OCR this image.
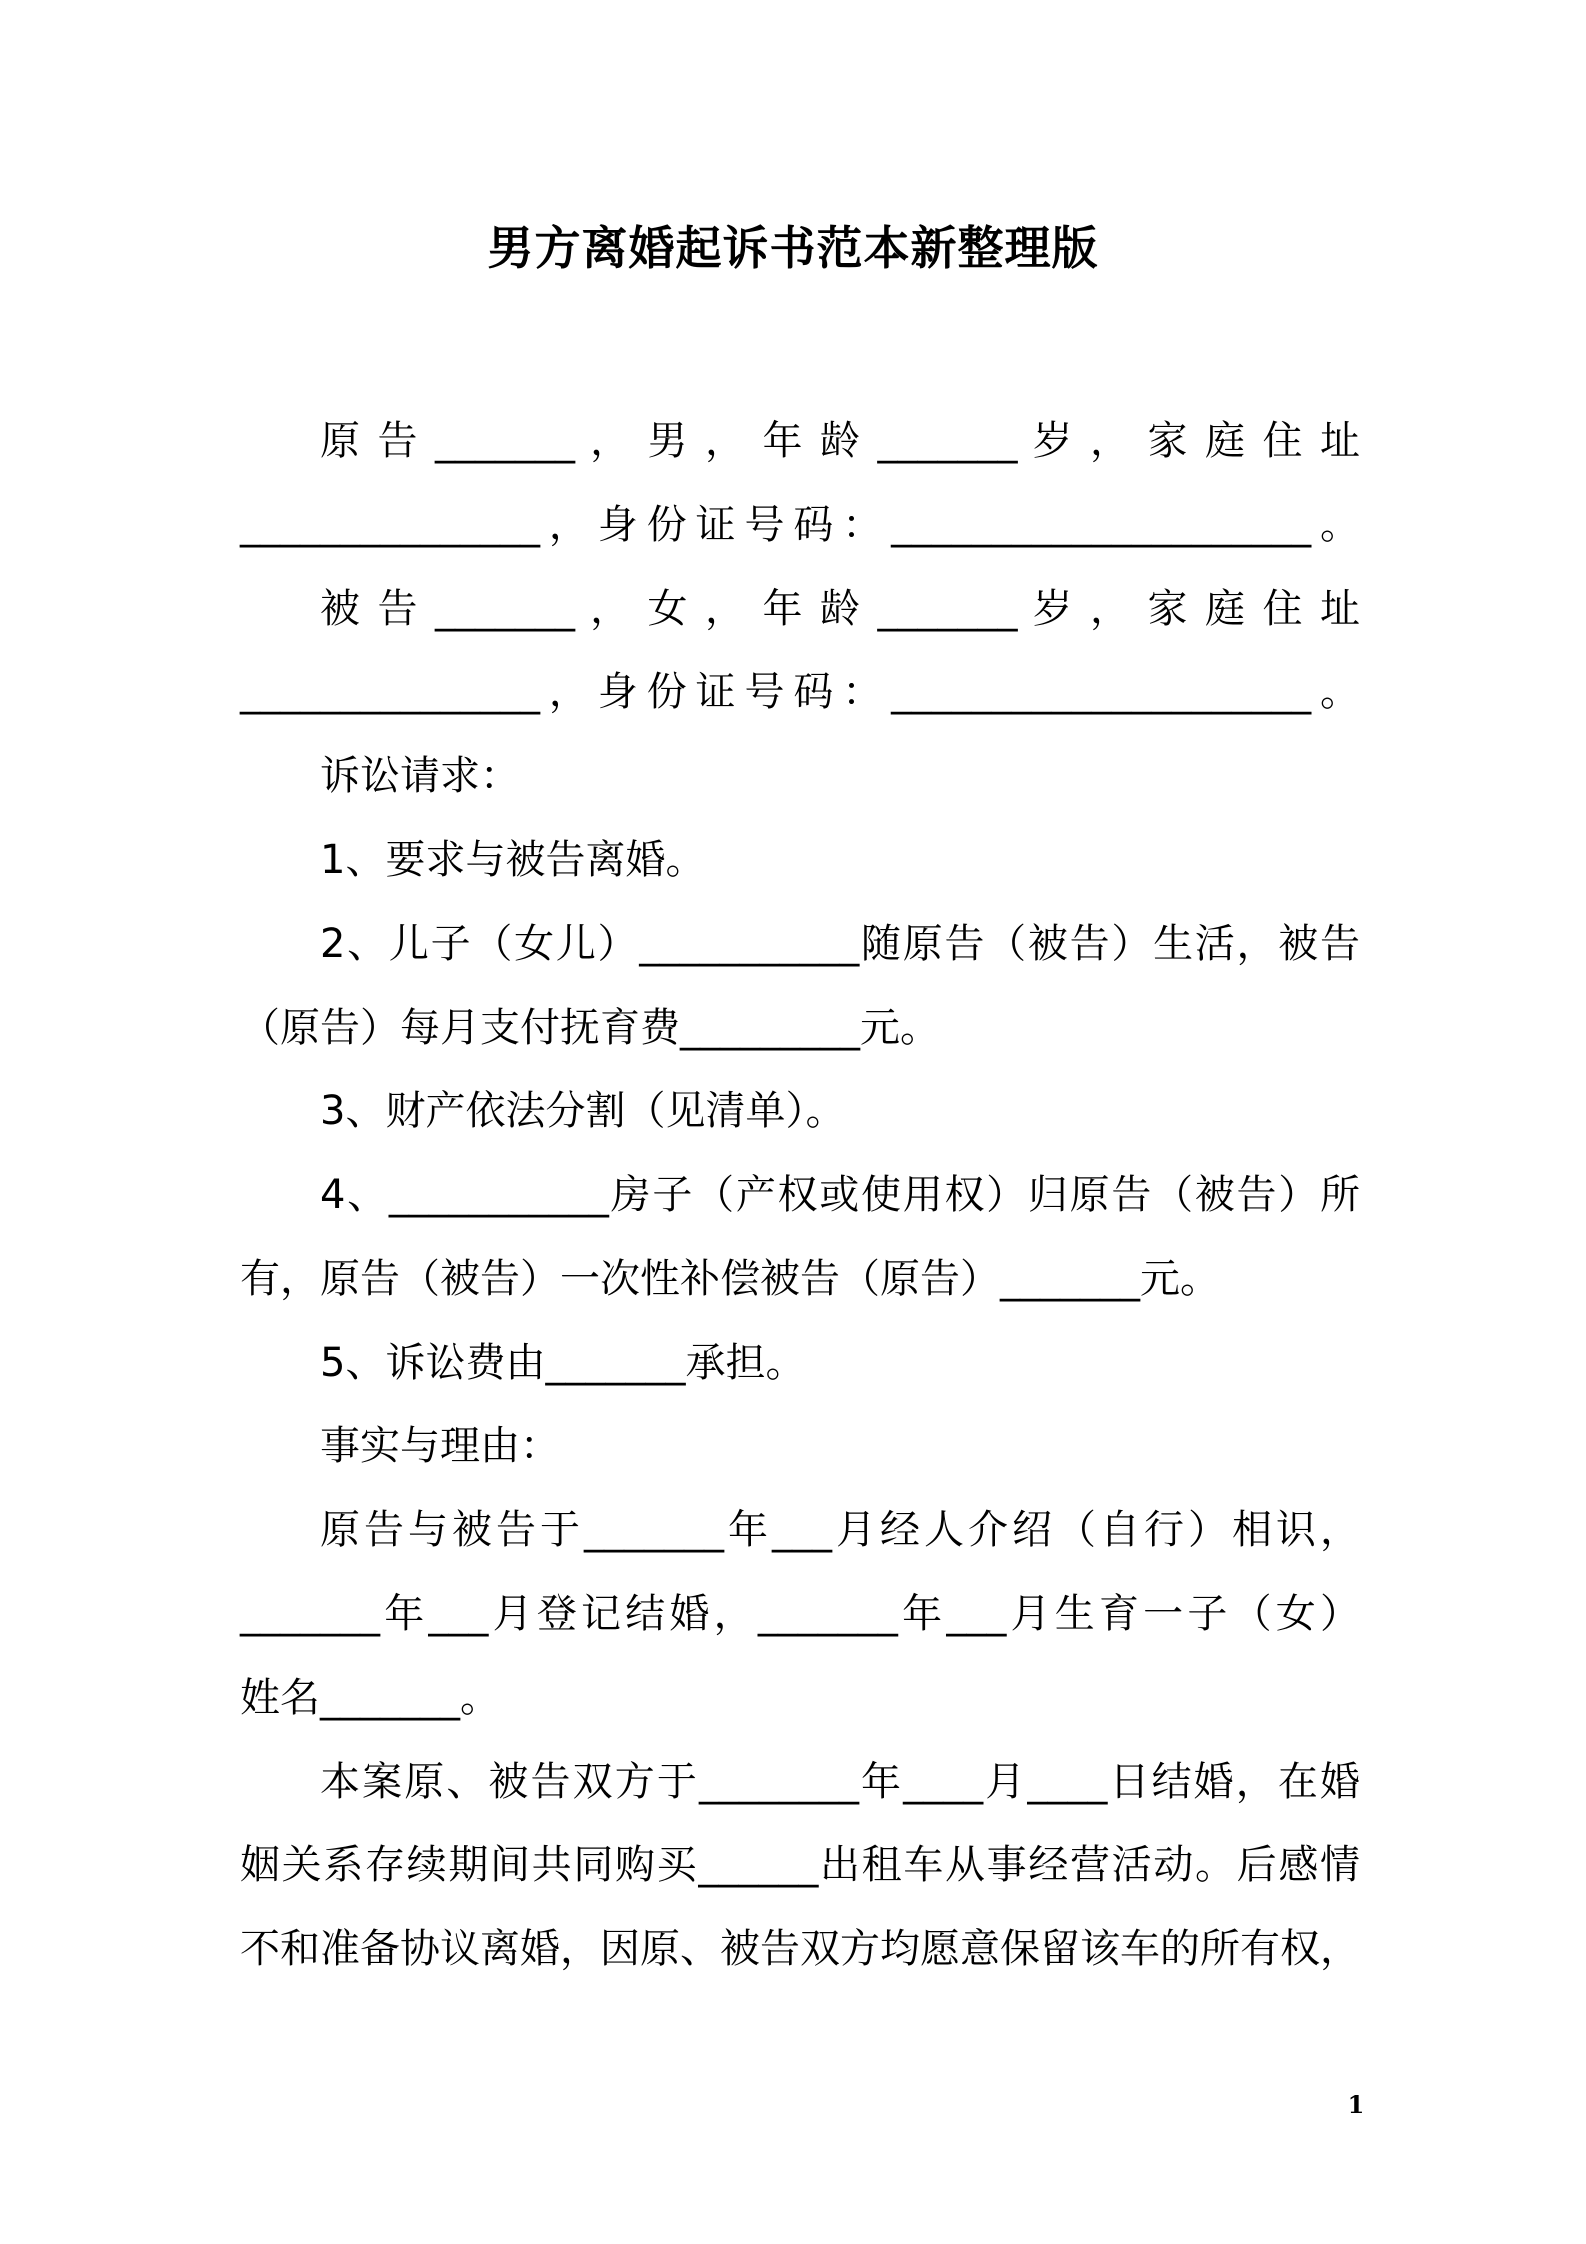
男方离婚起诉书范本新整理版
原 告 _______ ， 男 ， 年 龄 _______ 岁 ， 家 庭 住 址
_______________，身份证号码：_____________________。
被 告 _______ ， 女 ， 年 龄 _______ 岁 ， 家 庭 住 址
_______________，身份证号码：_____________________。
诉讼请求：
1、要求与被告离婚。
2、儿子（女儿）___________随原告（被告）生活，被告
（原告）每月支付抚育费_________元。
3、财产依法分割（见清单）。
4、___________房子（产权或使用权）归原告（被告）所
有，原告（被告）一次性补偿被告（原告）_______元。
5、诉讼费由_______承担。
事实与理由：
原告与被告于_______年___月经人介绍（自行）相识，
_______年___月登记结婚，_______年___月生育一子（女）
姓名_______。
本案原、被告双方于________年____月____日结婚，在婚
姻关系存续期间共同购买______出租车从事经营活动。后感情
不和准备协议离婚，因原、被告双方均愿意保留该车的所有权，
1
